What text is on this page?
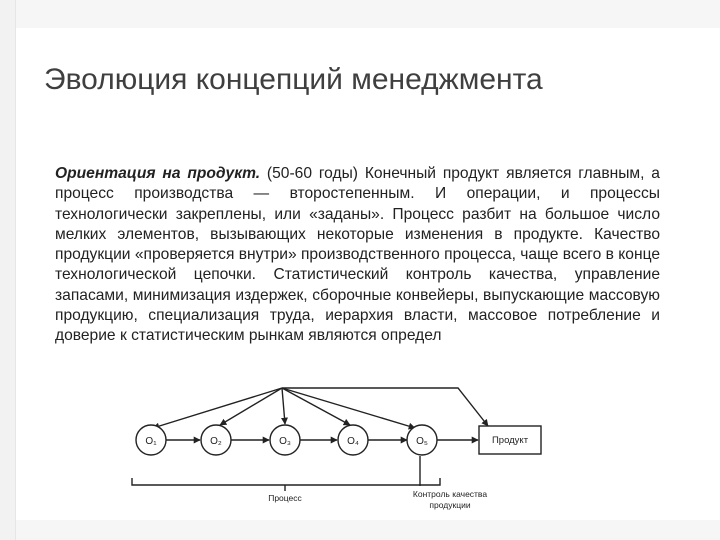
Эволюция концепций менеджмента

Ориентация на продукт. (50-60 годы) Конечный продукт является главным, а процесс производства — второстепенным. И операции, и процессы технологически закреплены, или «заданы». Процесс разбит на большое число мелких элементов, вызывающих некоторые изменения в продукте. Качество продукции «проверяется внутри» производственного процесса, чаще всего в конце технологической цепочки. Статистический контроль качества, управление запасами, минимизация издержек, сборочные конвейеры, выпускающие массовую продукцию, специализация труда, иерархия власти, массовое потребление и доверие к статистическим рынкам являются определ

O₁	O₂	O₃	O₄	O₅	Продукт
Процесс	Контроль качества
продукции
